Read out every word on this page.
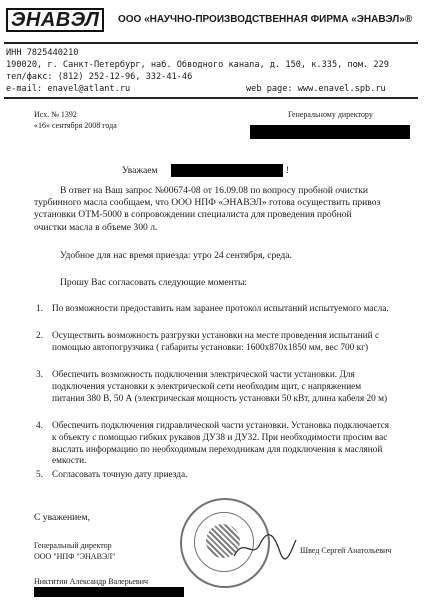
ЭНАВЭЛ	ООО «НАУЧНО-ПРОИЗВОДСТВЕННАЯ ФИРМА «ЭНАВЭЛ»®
ИНН 7825440210
190020, г. Санкт-Петербург, наб. Обводного канала, д. 150, к.335, пом. 229
тел/факс: (812) 252-12-96, 332-41-46
e-mail: enavel@atlant.ru	web page: www.enavel.spb.ru
Исх. № 1392
«16» сентября 2008 года
Генеральному директору
Уважаем	!
В ответ на Ваш запрос №00674-08 от 16.09.08 по вопросу пробной очистки турбинного масла сообщаем, что ООО НПФ «ЭНАВЭЛ» готова осуществить привоз установки ОТМ-5000 в сопровождении специалиста для проведения пробной очистки масла в объеме 300 л.
Удобное для нас время приезда: утро 24 сентября, среда.
Прошу Вас согласовать следующие моменты:
1. По возможности предоставить нам заранее протокол испытаний испытуемого масла.
2. Осуществить возможность разгрузки установки на месте проведения испытаний с помощью автопогрузчика ( габариты установки: 1600х870х1850 мм, вес 700 кг)
3. Обеспечить возможность подключения электрической части установки. Для подключения установки к электрической сети необходим щит, с напряжением питания 380 В, 50 А (электрическая мощность установки 50 кВт, длина кабеля 20 м)
4. Обеспечить подключения гидравлической части установки. Установка подключается к объекту с помощью гибких рукавов ДУ38 и ДУ32. При необходимости просим вас выслать информацию по необходимым переходникам для подключения к масляной емкости.
5. Согласовать точную дату приезда.
С уважением,
Генеральный директор
ООО "НПФ "ЭНАВЭЛ"
Швед Сергей Анатольевич
Никтитин Александр Валерьевич
